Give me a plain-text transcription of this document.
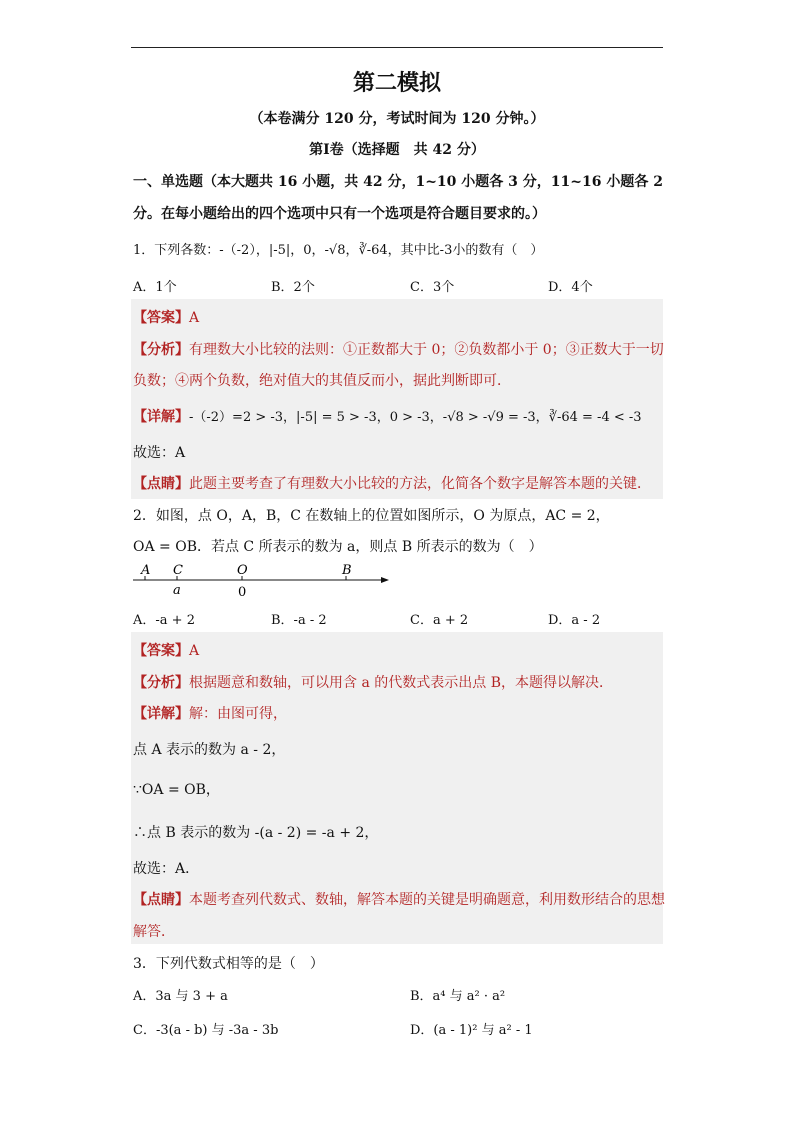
第二模拟
（本卷满分 120 分，考试时间为 120 分钟。）
第Ⅰ卷（选择题　共 42 分）
一、单选题（本大题共 16 小题，共 42 分，1~10 小题各 3 分，11~16 小题各 2
分。在每小题给出的四个选项中只有一个选项是符合题目要求的。）
1．下列各数：-（-2），|-5|，0，-√8，∛-64，其中比-3小的数有（　）
A．1个	B．2个	C．3个	D．4个
【答案】A
【分析】有理数大小比较的法则：①正数都大于 0；②负数都小于 0；③正数大于一切
负数；④两个负数，绝对值大的其值反而小，据此判断即可．
【详解】-（-2）=2 > -3，|-5| = 5 > -3，0 > -3，-√8 > -√9 = -3，∛-64 = -4 < -3
故选：A
【点睛】此题主要考查了有理数大小比较的方法，化简各个数字是解答本题的关键．
2．如图，点 O，A，B，C 在数轴上的位置如图所示，O 为原点，AC = 2，
OA = OB．若点 C 所表示的数为 a，则点 B 所表示的数为（　）
A C	O	B
a	0
A．-a + 2	B．-a - 2	C．a + 2	D．a - 2
【答案】A
【分析】根据题意和数轴，可以用含 a 的代数式表示出点 B，本题得以解决．
【详解】解：由图可得，
点 A 表示的数为 a - 2，
∵OA = OB，
∴点 B 表示的数为 -(a - 2) = -a + 2，
故选：A．
【点睛】本题考查列代数式、数轴，解答本题的关键是明确题意，利用数形结合的思想
解答．
3．下列代数式相等的是（　）
A．3a 与 3 + a	B．a⁴ 与 a² · a²
C．-3(a - b) 与 -3a - 3b	D．(a - 1)² 与 a² - 1
